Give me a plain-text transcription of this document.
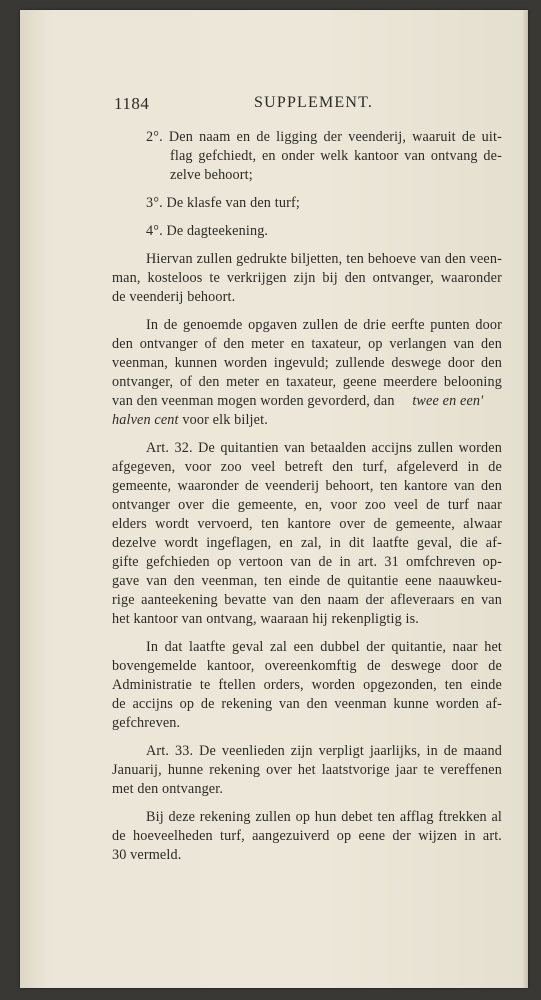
1184	SUPPLEMENT.
2°. Den naam en de ligging der veenderij, waaruit de uit-
flag gefchiedt, en onder welk kantoor van ontvang de-
zelve behoort;
3°. De klasfe van den turf;
4°. De dagteekening.
Hiervan zullen gedrukte biljetten, ten behoeve van den veen-
man, kosteloos te verkrijgen zijn bij den ontvanger, waaronder
de veenderij behoort.
In de genoemde opgaven zullen de drie eerfte punten door
den ontvanger of den meter en taxateur, op verlangen van den
veenman, kunnen worden ingevuld; zullende deswege door den
ontvanger, of den meter en taxateur, geene meerdere belooning
van den veenman mogen worden gevorderd, dan twee en een'
halven cent voor elk biljet.
Art. 32. De quitantien van betaalden accijns zullen worden
afgegeven, voor zoo veel betreft den turf, afgeleverd in de
gemeente, waaronder de veenderij behoort, ten kantore van den
ontvanger over die gemeente, en, voor zoo veel de turf naar
elders wordt vervoerd, ten kantore over de gemeente, alwaar
dezelve wordt ingeflagen, en zal, in dit laatfte geval, die af-
gifte gefchieden op vertoon van de in art. 31 omfchreven op-
gave van den veenman, ten einde de quitantie eene naauwkeu-
rige aanteekening bevatte van den naam der afleveraars en van
het kantoor van ontvang, waaraan hij rekenpligtig is.
In dat laatfte geval zal een dubbel der quitantie, naar het
bovengemelde kantoor, overeenkomftig de deswege door de
Administratie te ftellen orders, worden opgezonden, ten einde
de accijns op de rekening van den veenman kunne worden af-
gefchreven.
Art. 33. De veenlieden zijn verpligt jaarlijks, in de maand
Januarij, hunne rekening over het laatstvorige jaar te vereffenen
met den ontvanger.
Bij deze rekening zullen op hun debet ten afflag ftrekken al
de hoeveelheden turf, aangezuiverd op eene der wijzen in art.
30 vermeld.
